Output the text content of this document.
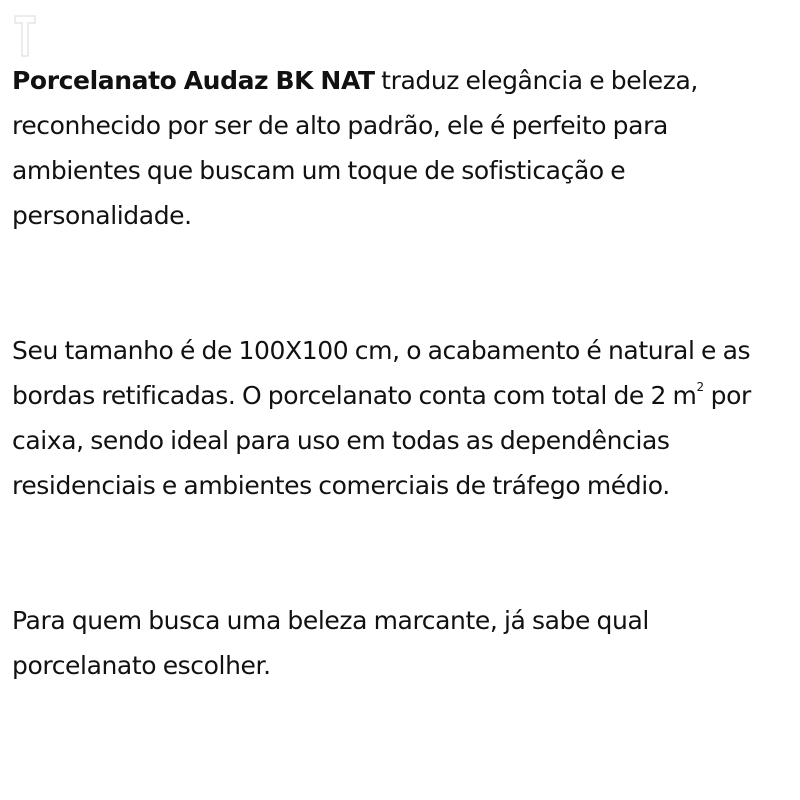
Porcelanato Audaz BK NAT traduz elegância e beleza, reconhecido por ser de alto padrão, ele é perfeito para ambientes que buscam um toque de sofisticação e personalidade.

Seu tamanho é de 100X100 cm, o acabamento é natural e as bordas retificadas. O porcelanato conta com total de 2 $m^2$ por caixa, sendo ideal para uso em todas as dependências residenciais e ambientes comerciais de tráfego médio.

Para quem busca uma beleza marcante, já sabe qual porcelanato escolher.
